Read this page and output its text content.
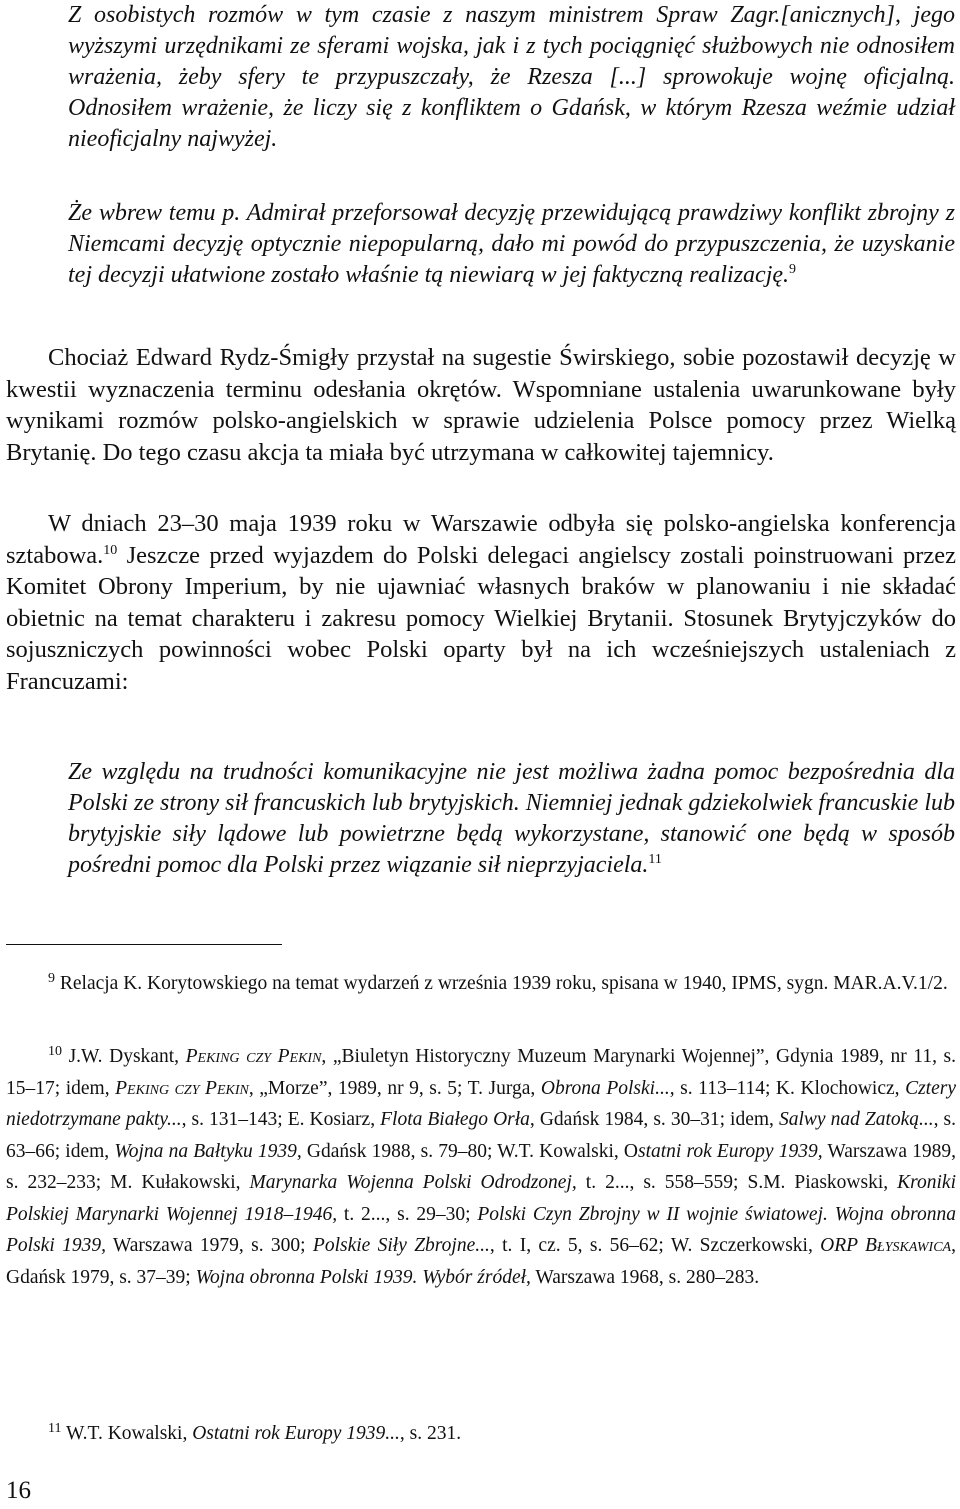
Z osobistych rozmów w tym czasie z naszym ministrem Spraw Zagr.[anicznych], jego wyższymi urzędnikami ze sferami wojska, jak i z tych pociągnięć służbowych nie odnosiłem wrażenia, żeby sfery te przypuszczały, że Rzesza [...] sprowokuje wojnę oficjalną. Odnosiłem wrażenie, że liczy się z konfliktem o Gdańsk, w którym Rzesza weźmie udział nieoficjalny najwyżej.

Że wbrew temu p. Admirał przeforsował decyzję przewidującą prawdziwy konflikt zbrojny z Niemcami decyzję optycznie niepopularną, dało mi powód do przypuszczenia, że uzyskanie tej decyzji ułatwione zostało właśnie tą niewiarą w jej faktyczną realizację.$^9$

Chociaż Edward Rydz-Śmigły przystał na sugestie Świrskiego, sobie pozostawił decyzję w kwestii wyznaczenia terminu odesłania okrętów. Wspomniane ustalenia uwarunkowane były wynikami rozmów polsko-angielskich w sprawie udzielenia Polsce pomocy przez Wielką Brytanię. Do tego czasu akcja ta miała być utrzymana w całkowitej tajemnicy.

W dniach 23–30 maja 1939 roku w Warszawie odbyła się polsko-angielska konferencja sztabowa.$^{10}$ Jeszcze przed wyjazdem do Polski delegaci angielscy zostali poinstruowani przez Komitet Obrony Imperium, by nie ujawniać własnych braków w planowaniu i nie składać obietnic na temat charakteru i zakresu pomocy Wielkiej Brytanii. Stosunek Brytyjczyków do sojuszniczych powinności wobec Polski oparty był na ich wcześniejszych ustaleniach z Francuzami:

Ze względu na trudności komunikacyjne nie jest możliwa żadna pomoc bezpośrednia dla Polski ze strony sił francuskich lub brytyjskich. Niemniej jednak gdziekolwiek francuskie lub brytyjskie siły lądowe lub powietrzne będą wykorzystane, stanowić one będą w sposób pośredni pomoc dla Polski przez wiązanie sił nieprzyjaciela.$^{11}$

$^9$ Relacja K. Korytowskiego na temat wydarzeń z września 1939 roku, spisana w 1940, IPMS, sygn. MAR.A.V.1/2.

$^{10}$ J.W. Dyskant, Peking czy Pekin, „Biuletyn Historyczny Muzeum Marynarki Wojennej”, Gdynia 1989, nr 11, s. 15–17; idem, Peking czy Pekin, „Morze”, 1989, nr 9, s. 5; T. Jurga, Obrona Polski..., s. 113–114; K. Klochowicz, Cztery niedotrzymane pakty..., s. 131–143; E. Kosiarz, Flota Białego Orła, Gdańsk 1984, s. 30–31; idem, Salwy nad Zatoką..., s. 63–66; idem, Wojna na Bałtyku 1939, Gdańsk 1988, s. 79–80; W.T. Kowalski, Ostatni rok Europy 1939, Warszawa 1989, s. 232–233; M. Kułakowski, Marynarka Wojenna Polski Odrodzonej, t. 2..., s. 558–559; S.M. Piaskowski, Kroniki Polskiej Marynarki Wojennej 1918–1946, t. 2..., s. 29–30; Polski Czyn Zbrojny w II wojnie światowej. Wojna obronna Polski 1939, Warszawa 1979, s. 300; Polskie Siły Zbrojne..., t. I, cz. 5, s. 56–62; W. Szczerkowski, ORP Błyskawica, Gdańsk 1979, s. 37–39; Wojna obronna Polski 1939. Wybór źródeł, Warszawa 1968, s. 280–283.

$^{11}$ W.T. Kowalski, Ostatni rok Europy 1939..., s. 231.

16
